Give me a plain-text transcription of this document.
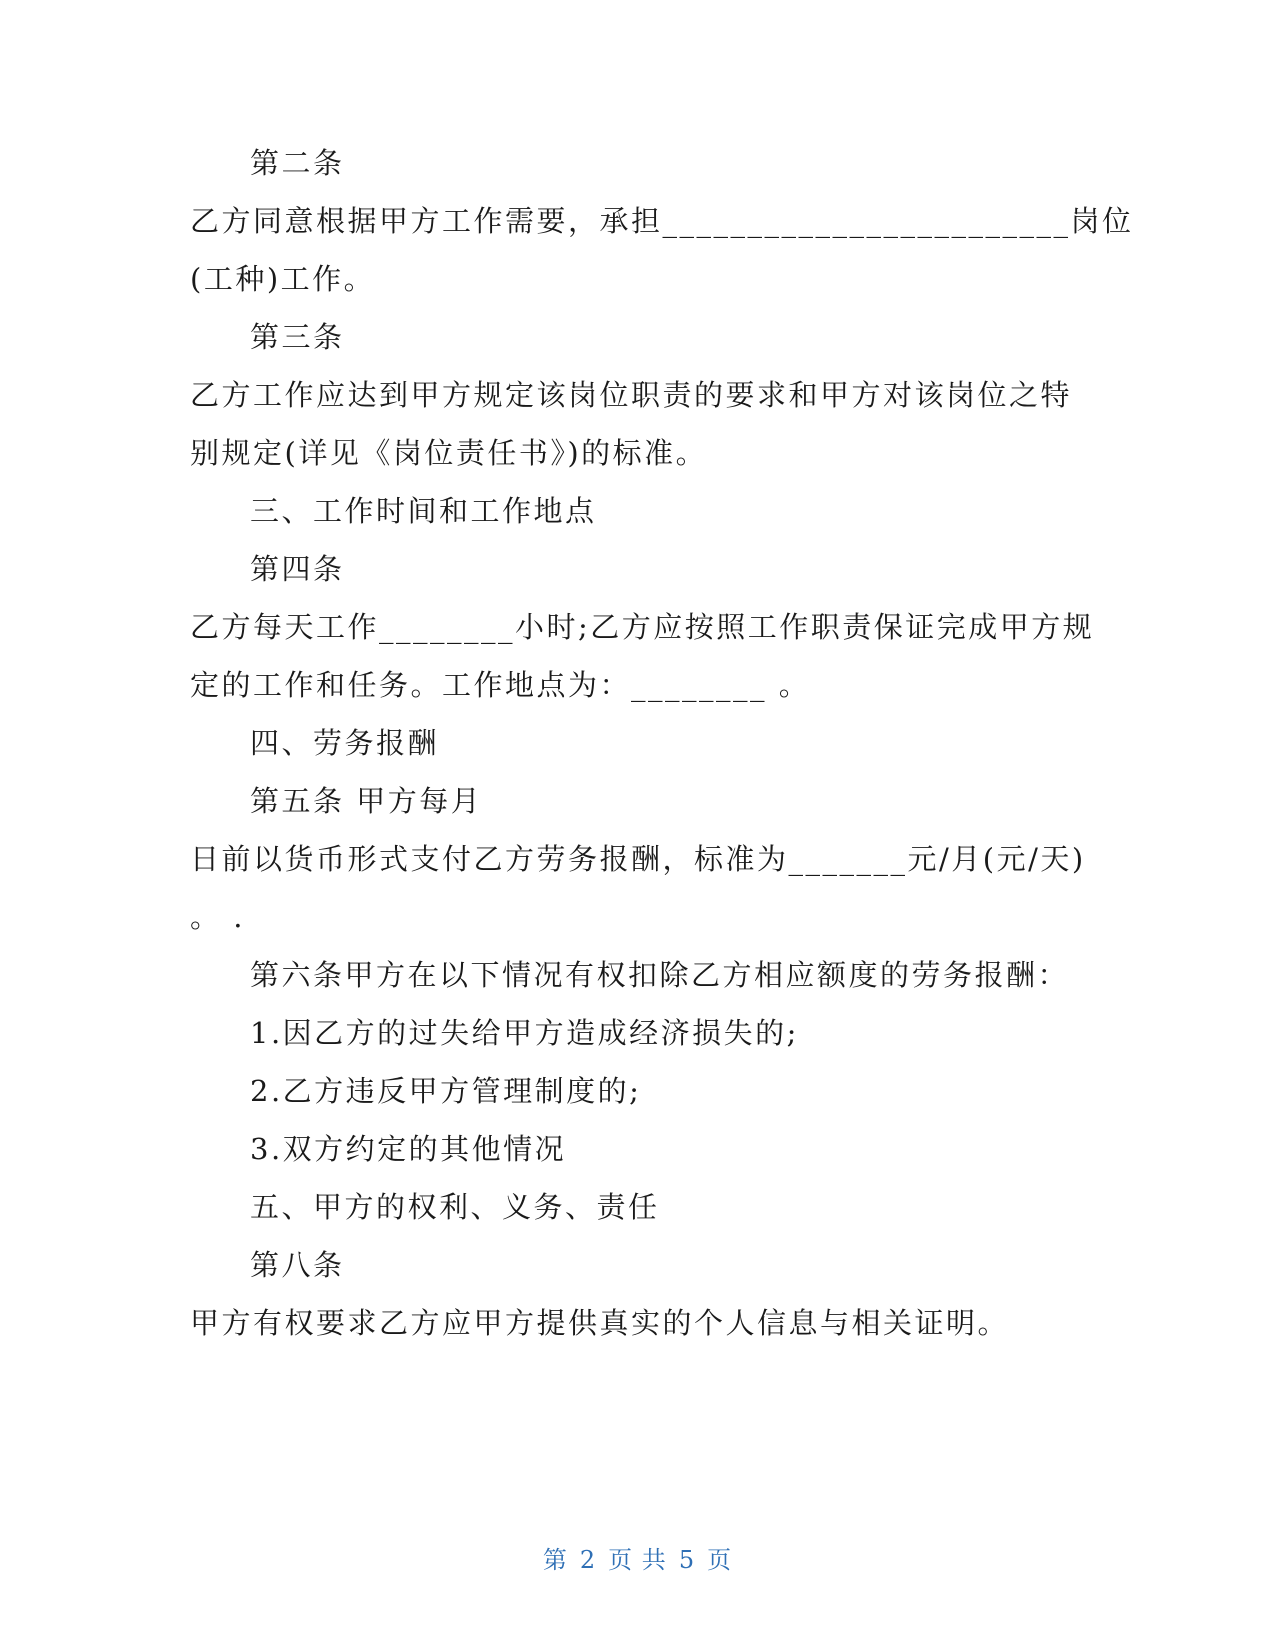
第二条
乙方同意根据甲方工作需要，承担________________________岗位
(工种)工作。
第三条
乙方工作应达到甲方规定该岗位职责的要求和甲方对该岗位之特
别规定(详见《岗位责任书》)的标准。
三、工作时间和工作地点
第四条
乙方每天工作________小时;乙方应按照工作职责保证完成甲方规
定的工作和任务。工作地点为：________ 。
四、劳务报酬
第五条 甲方每月
日前以货币形式支付乙方劳务报酬，标准为_______元/月(元/天)
。 .
第六条甲方在以下情况有权扣除乙方相应额度的劳务报酬：
1.因乙方的过失给甲方造成经济损失的;
2.乙方违反甲方管理制度的;
3.双方约定的其他情况
五、甲方的权利、义务、责任
第八条
甲方有权要求乙方应甲方提供真实的个人信息与相关证明。
第 2 页 共 5 页
